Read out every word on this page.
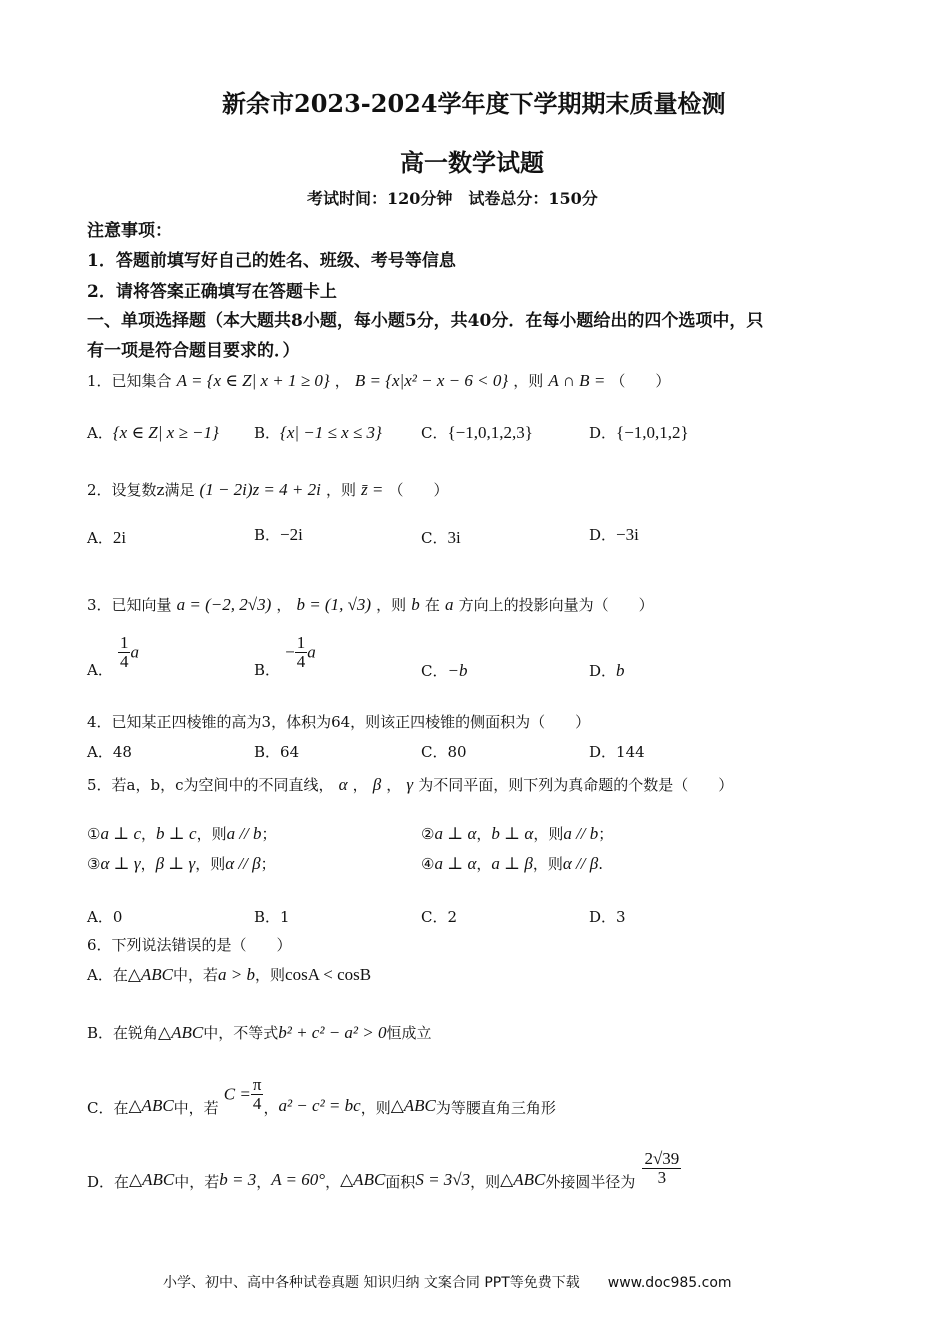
新余市2023-2024学年度下学期期末质量检测
高一数学试题
考试时间：120分钟　试卷总分：150分
注意事项：
1．答题前填写好自己的姓名、班级、考号等信息
2．请将答案正确填写在答题卡上
一、单项选择题（本大题共8小题，每小题5分，共40分．在每小题给出的四个选项中，只
有一项是符合题目要求的．）
1．已知集合 A = {x ∈ Z| x + 1 ≥ 0} ， B = {x|x² − x − 6 < 0} ，则 A ∩ B = （　　）
A．{x ∈ Z| x ≥ −1} B．{x| −1 ≤ x ≤ 3}	C．{−1,0,1,2,3}	D．{−1,0,1,2}
2．设复数z满足 (1 − 2i)z = 4 + 2i ，则 z̄ = （　　）
A．2i	B．−2i	C．3i	D．−3i
3．已知向量 a = (−2, 2√3) ， b = (1, √3) ，则 b 在 a 方向上的投影向量为（　　）
A． $\frac{1}{4}$ a
B． − $\frac{1}{4}$ a
C．−b	D．b
4．已知某正四棱锥的高为3，体积为64，则该正四棱锥的侧面积为（　　）
A．48	B．64	C．80	D．144
5．若a，b，c为空间中的不同直线， α ， β ， γ 为不同平面，则下列为真命题的个数是（　　）
①a ⊥ c，b ⊥ c，则a // b；	②a ⊥ α，b ⊥ α，则a // b；
③α ⊥ γ，β ⊥ γ，则α // β；	④a ⊥ α，a ⊥ β，则α // β.
A．0	B．1	C．2	D．3
6．下列说法错误的是（　　）
A．在△ABC中，若a > b，则cosA < cosB
B．在锐角△ABC中，不等式b² + c² − a² > 0恒成立
C．在△ABC中，若 $C = \frac{\pi}{4}$ ，a² − c² = bc，则△ABC为等腰直角三角形
D．在△ABC中，若b = 3，A = 60°，△ABC面积S = 3√3，则△ABC外接圆半径为 $\frac{2√39}{3}$
小学、初中、高中各种试卷真题 知识归纳 文案合同 PPT等免费下载　　www.doc985.com
